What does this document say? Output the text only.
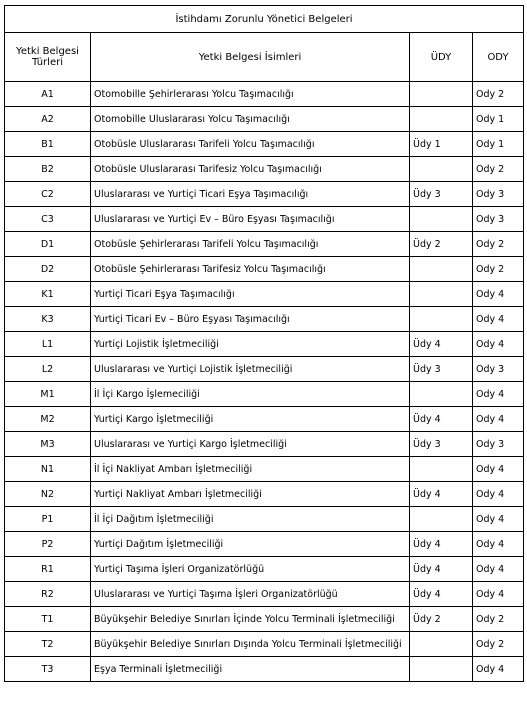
İstihdamı Zorunlu Yönetici Belgeleri			
Yetki Belgesi Türleri	Yetki Belgesi İsimleri	ÜDY	ODY
A1	Otomobille Şehirlerarası Yolcu Taşımacılığı		Ody 2
A2	Otomobille Uluslararası Yolcu Taşımacılığı		Ody 1
B1	Otobüsle Uluslararası Tarifeli Yolcu Taşımacılığı	Üdy 1	Ody 1
B2	Otobüsle Uluslararası Tarifesiz Yolcu Taşımacılığı		Ody 2
C2	Uluslararası ve Yurtiçi Ticari Eşya Taşımacılığı	Üdy 3	Ody 3
C3	Uluslararası ve Yurtiçi Ev – Büro Eşyası Taşımacılığı		Ody 3
D1	Otobüsle Şehirlerarası Tarifeli Yolcu Taşımacılığı	Üdy 2	Ody 2
D2	Otobüsle Şehirlerarası Tarifesiz Yolcu Taşımacılığı		Ody 2
K1	Yurtiçi Ticari Eşya Taşımacılığı		Ody 4
K3	Yurtiçi Ticari Ev – Büro Eşyası Taşımacılığı		Ody 4
L1	Yurtiçi Lojistik İşletmeciliği	Üdy 4	Ody 4
L2	Uluslararası ve Yurtiçi Lojistik İşletmeciliği	Üdy 3	Ody 3
M1	İl İçi Kargo İşlemeciliği		Ody 4
M2	Yurtiçi Kargo İşletmeciliği	Üdy 4	Ody 4
M3	Uluslararası ve Yurtiçi Kargo İşletmeciliği	Üdy 3	Ody 3
N1	İl İçi Nakliyat Ambarı İşletmeciliği		Ody 4
N2	Yurtiçi Nakliyat Ambarı İşletmeciliği	Üdy 4	Ody 4
P1	İl İçi Dağıtım İşletmeciliği		Ody 4
P2	Yurtiçi Dağıtım İşletmeciliği	Üdy 4	Ody 4
R1	Yurtiçi Taşıma İşleri Organizatörlüğü	Üdy 4	Ody 4
R2	Uluslararası ve Yurtiçi Taşıma İşleri Organizatörlüğü	Üdy 4	Ody 4
T1	Büyükşehir Belediye Sınırları İçinde Yolcu Terminali İşletmeciliği	Üdy 2	Ody 2
T2	Büyükşehir Belediye Sınırları Dışında Yolcu Terminali İşletmeciliği		Ody 2
T3	Eşya Terminali İşletmeciliği		Ody 4
